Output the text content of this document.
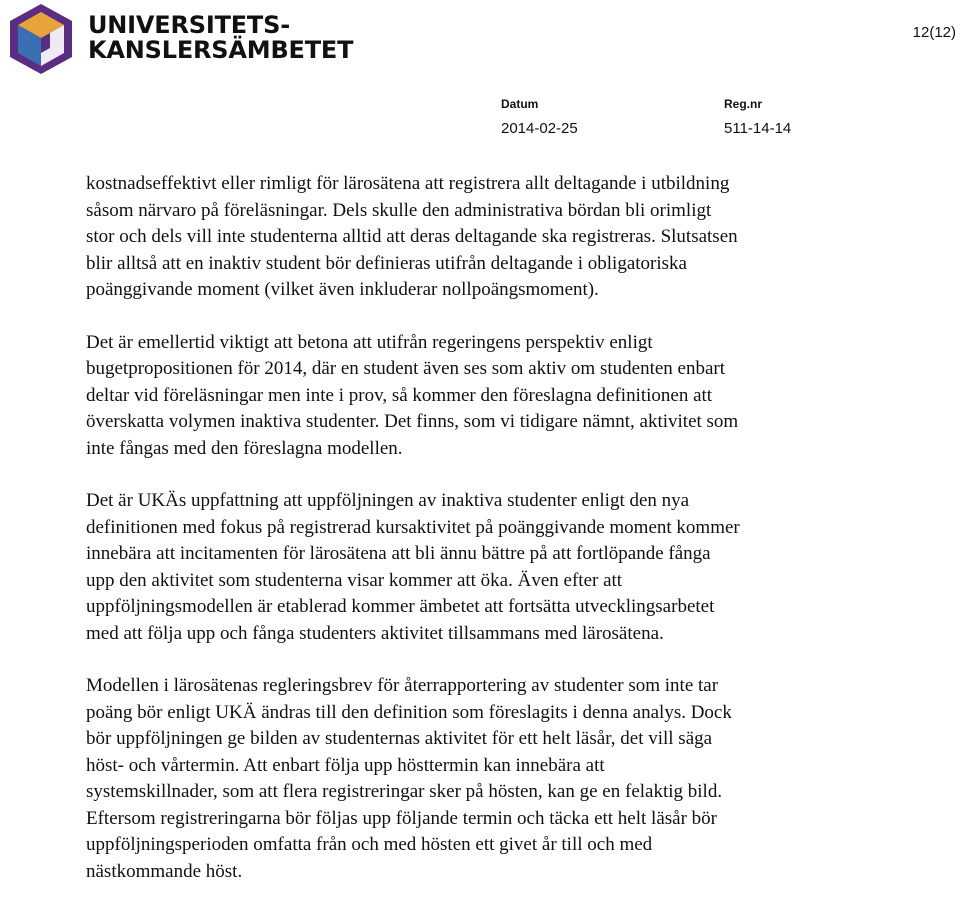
UNIVERSITETS-
KANSLERSÄMBETET
12(12)
Datum
2014-02-25
Reg.nr
511-14-14

kostnadseffektivt eller rimligt för lärosätena att registrera allt deltagande i utbildning
såsom närvaro på föreläsningar. Dels skulle den administrativa bördan bli orimligt
stor och dels vill inte studenterna alltid att deras deltagande ska registreras. Slutsatsen
blir alltså att en inaktiv student bör definieras utifrån deltagande i obligatoriska
poänggivande moment (vilket även inkluderar nollpoängsmoment).

Det är emellertid viktigt att betona att utifrån regeringens perspektiv enligt
bugetpropositionen för 2014, där en student även ses som aktiv om studenten enbart
deltar vid föreläsningar men inte i prov, så kommer den föreslagna definitionen att
överskatta volymen inaktiva studenter. Det finns, som vi tidigare nämnt, aktivitet som
inte fångas med den föreslagna modellen.

Det är UKÄs uppfattning att uppföljningen av inaktiva studenter enligt den nya
definitionen med fokus på registrerad kursaktivitet på poänggivande moment kommer
innebära att incitamenten för lärosätena att bli ännu bättre på att fortlöpande fånga
upp den aktivitet som studenterna visar kommer att öka. Även efter att
uppföljningsmodellen är etablerad kommer ämbetet att fortsätta utvecklingsarbetet
med att följa upp och fånga studenters aktivitet tillsammans med lärosätena.

Modellen i lärosätenas regleringsbrev för återrapportering av studenter som inte tar
poäng bör enligt UKÄ ändras till den definition som föreslagits i denna analys. Dock
bör uppföljningen ge bilden av studenternas aktivitet för ett helt läsår, det vill säga
höst- och vårtermin. Att enbart följa upp hösttermin kan innebära att
systemskillnader, som att flera registreringar sker på hösten, kan ge en felaktig bild.
Eftersom registreringarna bör följas upp följande termin och täcka ett helt läsår bör
uppföljningsperioden omfatta från och med hösten ett givet år till och med
nästkommande höst.
